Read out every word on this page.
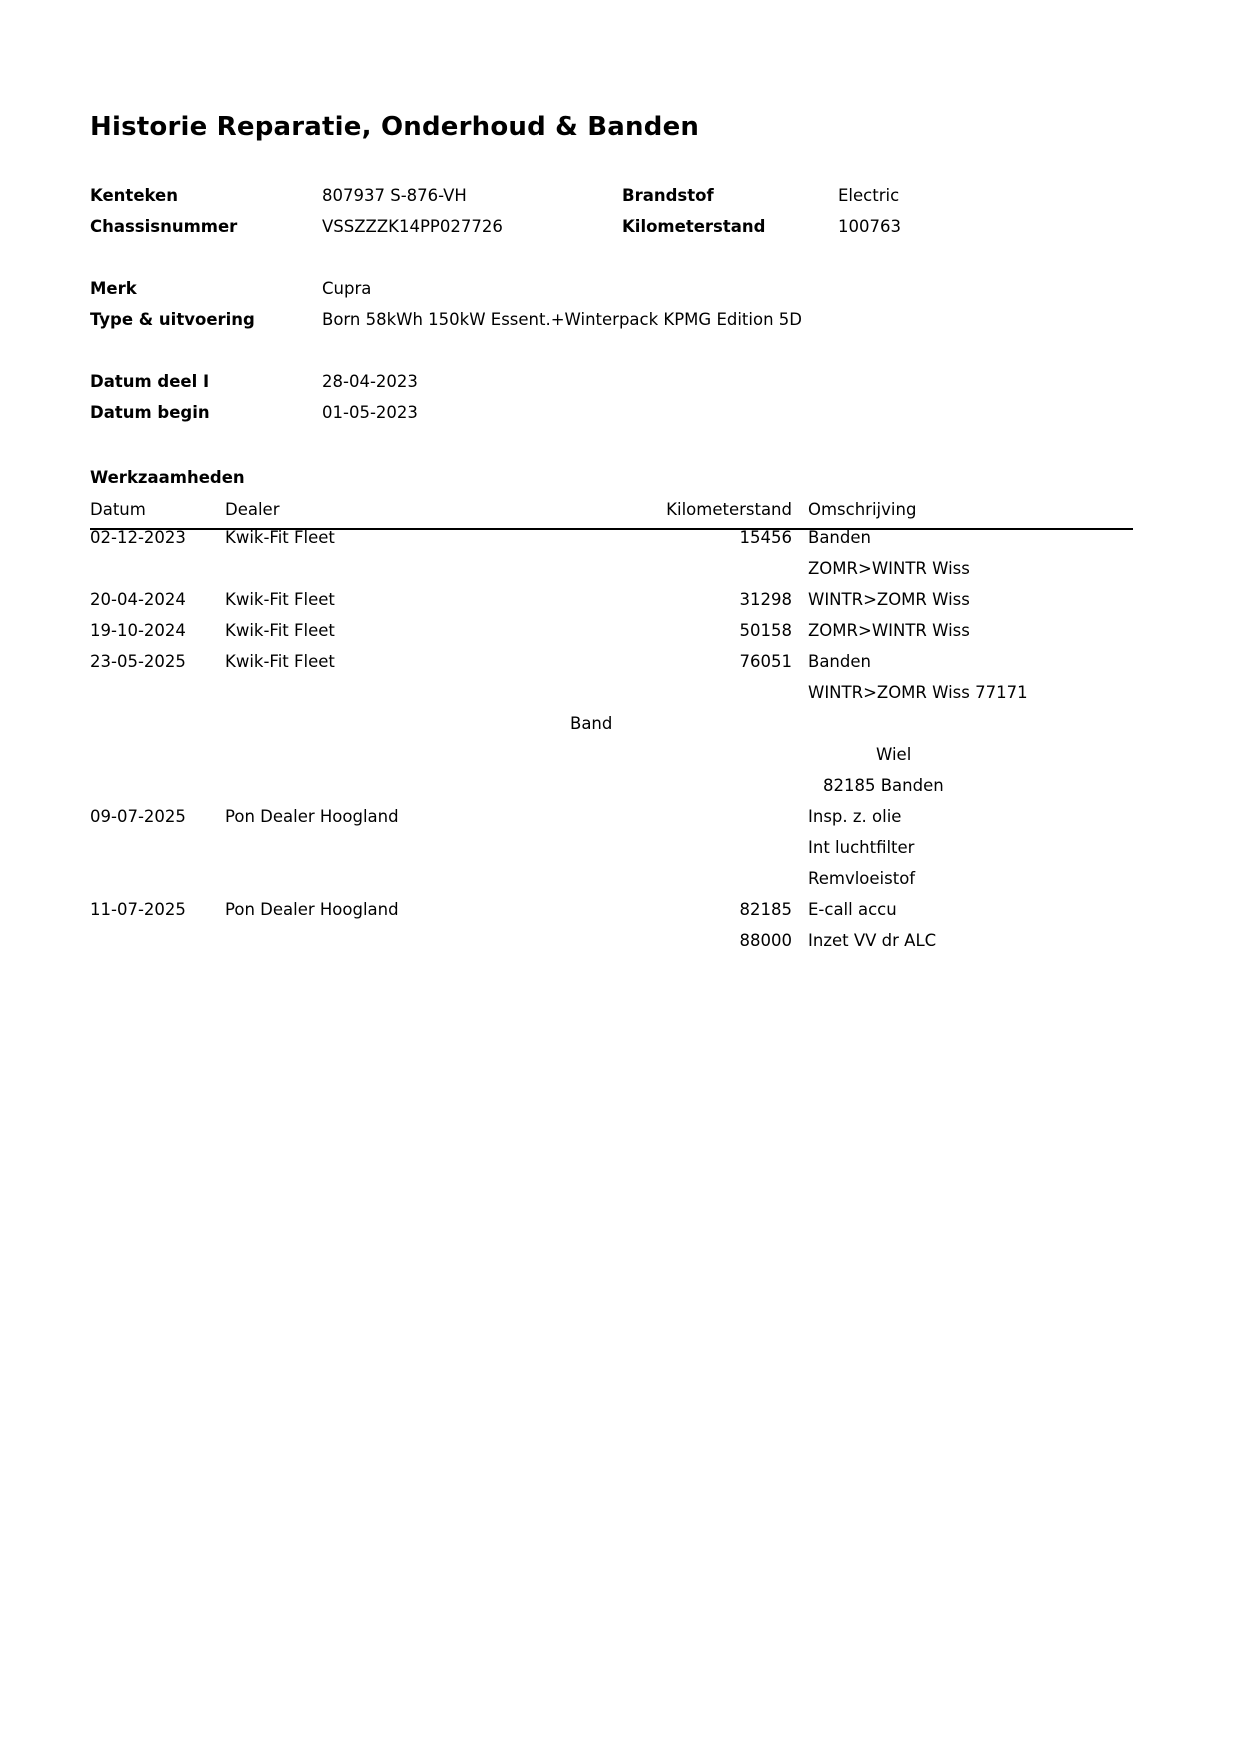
Historie Reparatie, Onderhoud & Banden
Kenteken	807937 S-876-VH	Brandstof	Electric
Chassisnummer	VSSZZZK14PP027726	Kilometerstand	100763
Merk	Cupra
Type & uitvoering	Born 58kWh 150kW Essent.+Winterpack KPMG Edition 5D
Datum deel I	28-04-2023
Datum begin	01-05-2023
Werkzaamheden
Datum	Dealer	Kilometerstand Omschrijving
02-12-2023 Kwik-Fit Fleet	15456 Banden
ZOMR>WINTR Wiss
20-04-2024 Kwik-Fit Fleet	31298 WINTR>ZOMR Wiss
19-10-2024 Kwik-Fit Fleet	50158 ZOMR>WINTR Wiss
23-05-2025 Kwik-Fit Fleet	76051 Banden
WINTR>ZOMR Wiss 77171
Band
Wiel
82185 Banden
09-07-2025 Pon Dealer Hoogland	Insp. z. olie
Int luchtfilter
Remvloeistof
11-07-2025 Pon Dealer Hoogland	82185 E-call accu
88000 Inzet VV dr ALC
